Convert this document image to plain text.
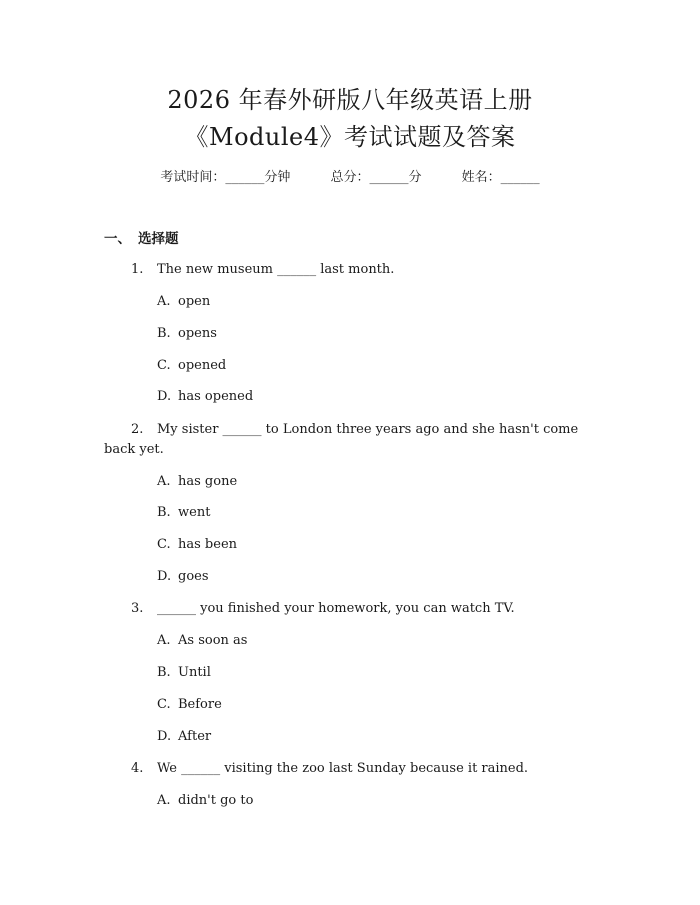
2026 年春外研版八年级英语上册
《Module4》考试试题及答案
考试时间：______分钟	总分：______分	姓名：______
一、 选择题
1. The new museum ______ last month.
A. open
B. opens
C. opened
D. has opened
2. My sister ______ to London three years ago and she hasn't come back yet.
A. has gone
B. went
C. has been
D. goes
3. ______ you finished your homework, you can watch TV.
A. As soon as
B. Until
C. Before
D. After
4. We ______ visiting the zoo last Sunday because it rained.
A. didn't go to
